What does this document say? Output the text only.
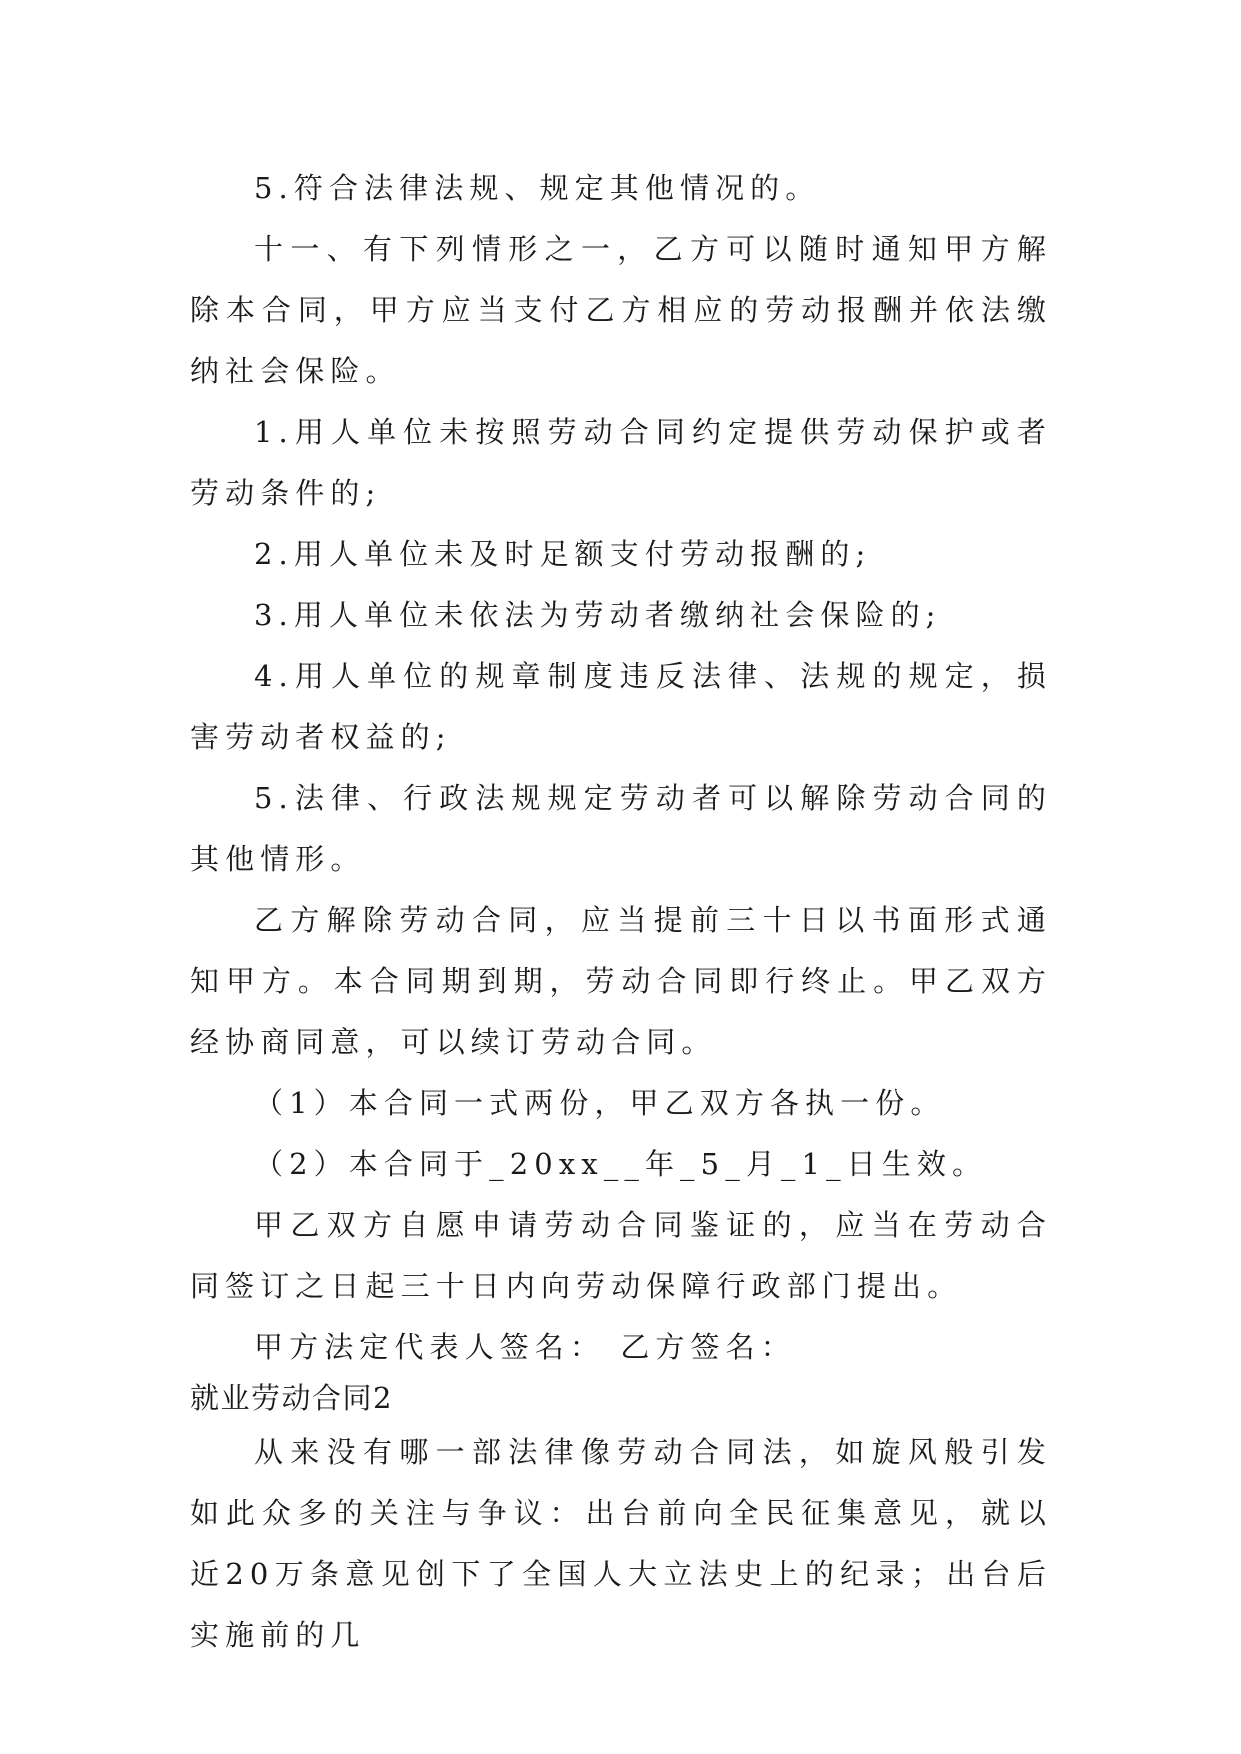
5.符合法律法规、规定其他情况的。

十一、有下列情形之一，乙方可以随时通知甲方解除本合同，甲方应当支付乙方相应的劳动报酬并依法缴纳社会保险。

1.用人单位未按照劳动合同约定提供劳动保护或者劳动条件的;

2.用人单位未及时足额支付劳动报酬的;

3.用人单位未依法为劳动者缴纳社会保险的;

4.用人单位的规章制度违反法律、法规的规定，损害劳动者权益的;

5.法律、行政法规规定劳动者可以解除劳动合同的其他情形。

乙方解除劳动合同，应当提前三十日以书面形式通知甲方。本合同期到期，劳动合同即行终止。甲乙双方经协商同意，可以续订劳动合同。

（1）本合同一式两份，甲乙双方各执一份。

（2）本合同于_20xx__年_5_月_1_日生效。

甲乙双方自愿申请劳动合同鉴证的，应当在劳动合同签订之日起三十日内向劳动保障行政部门提出。

甲方法定代表人签名： 乙方签名：

就业劳动合同2

从来没有哪一部法律像劳动合同法，如旋风般引发如此众多的关注与争议：出台前向全民征集意见，就以近20万条意见创下了全国人大立法史上的纪录；出台后实施前的几
